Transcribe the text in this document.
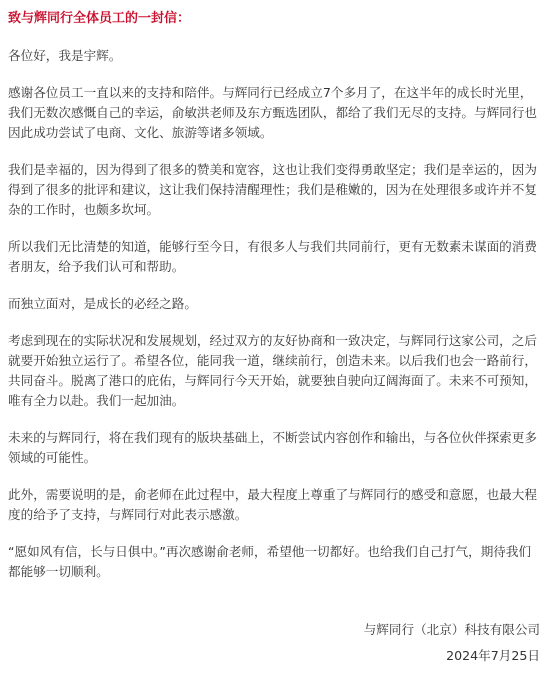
致与辉同行全体员工的一封信：

各位好，我是宇辉。

感谢各位员工一直以来的支持和陪伴。与辉同行已经成立7个多月了，在这半年的成长时光里，我们无数次感慨自己的幸运，俞敏洪老师及东方甄选团队，都给了我们无尽的支持。与辉同行也因此成功尝试了电商、文化、旅游等诸多领域。

我们是幸福的，因为得到了很多的赞美和宽容，这也让我们变得勇敢坚定；我们是幸运的，因为得到了很多的批评和建议，这让我们保持清醒理性；我们是稚嫩的，因为在处理很多或许并不复杂的工作时，也颇多坎坷。

所以我们无比清楚的知道，能够行至今日，有很多人与我们共同前行，更有无数素未谋面的消费者朋友，给予我们认可和帮助。

而独立面对，是成长的必经之路。

考虑到现在的实际状况和发展规划，经过双方的友好协商和一致决定，与辉同行这家公司，之后就要开始独立运行了。希望各位，能同我一道，继续前行，创造未来。以后我们也会一路前行，共同奋斗。脱离了港口的庇佑，与辉同行今天开始，就要独自驶向辽阔海面了。未来不可预知，唯有全力以赴。我们一起加油。

未来的与辉同行，将在我们现有的版块基础上，不断尝试内容创作和输出，与各位伙伴探索更多领域的可能性。

此外，需要说明的是，俞老师在此过程中，最大程度上尊重了与辉同行的感受和意愿，也最大程度的给予了支持，与辉同行对此表示感激。

“愿如风有信，长与日俱中。”再次感谢俞老师，希望他一切都好。也给我们自己打气，期待我们都能够一切顺利。

与辉同行（北京）科技有限公司
2024年7月25日
